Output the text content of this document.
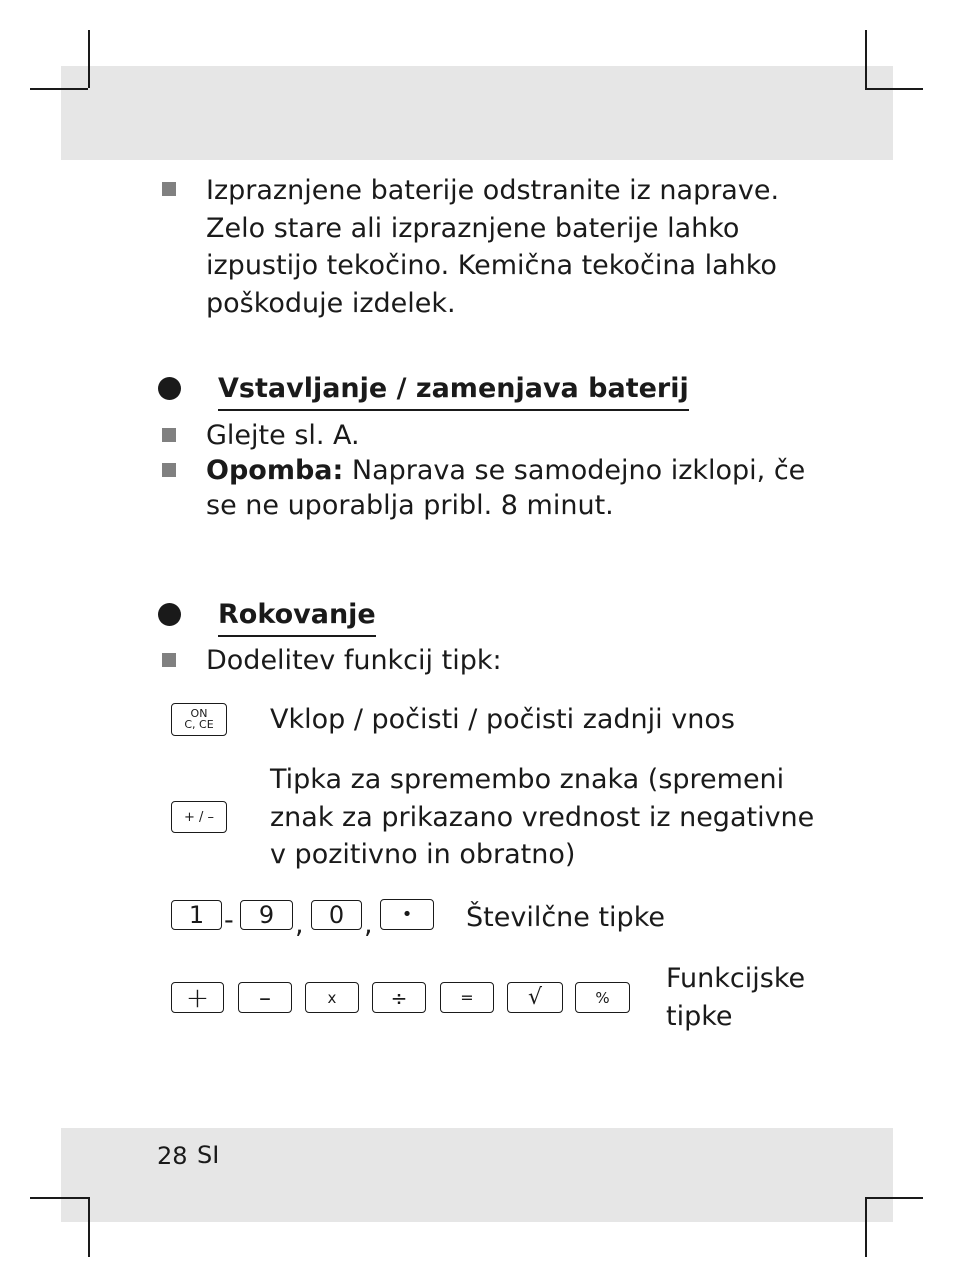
Izpraznjene baterije odstranite iz naprave.
Zelo stare ali izpraznjene baterije lahko
izpustijo tekočino. Kemična tekočina lahko
poškoduje izdelek.
Vstavljanje / zamenjava baterij
Glejte sl. A.
Opomba: Naprava se samodejno izklopi, če
se ne uporablja pribl. 8 minut.
Rokovanje
Dodelitev funkcij tipk:
ON
C, CE Vklop / počisti / počisti zadnji vnos
+ / –
Tipka za spremembo znaka (spremeni
znak za prikazano vrednost iz negativne
v pozitivno in obratno)
1 - 9 , 0 , • Številčne tipke
+ –	x	÷	= √	%
Funkcijske
tipke
28 SI
